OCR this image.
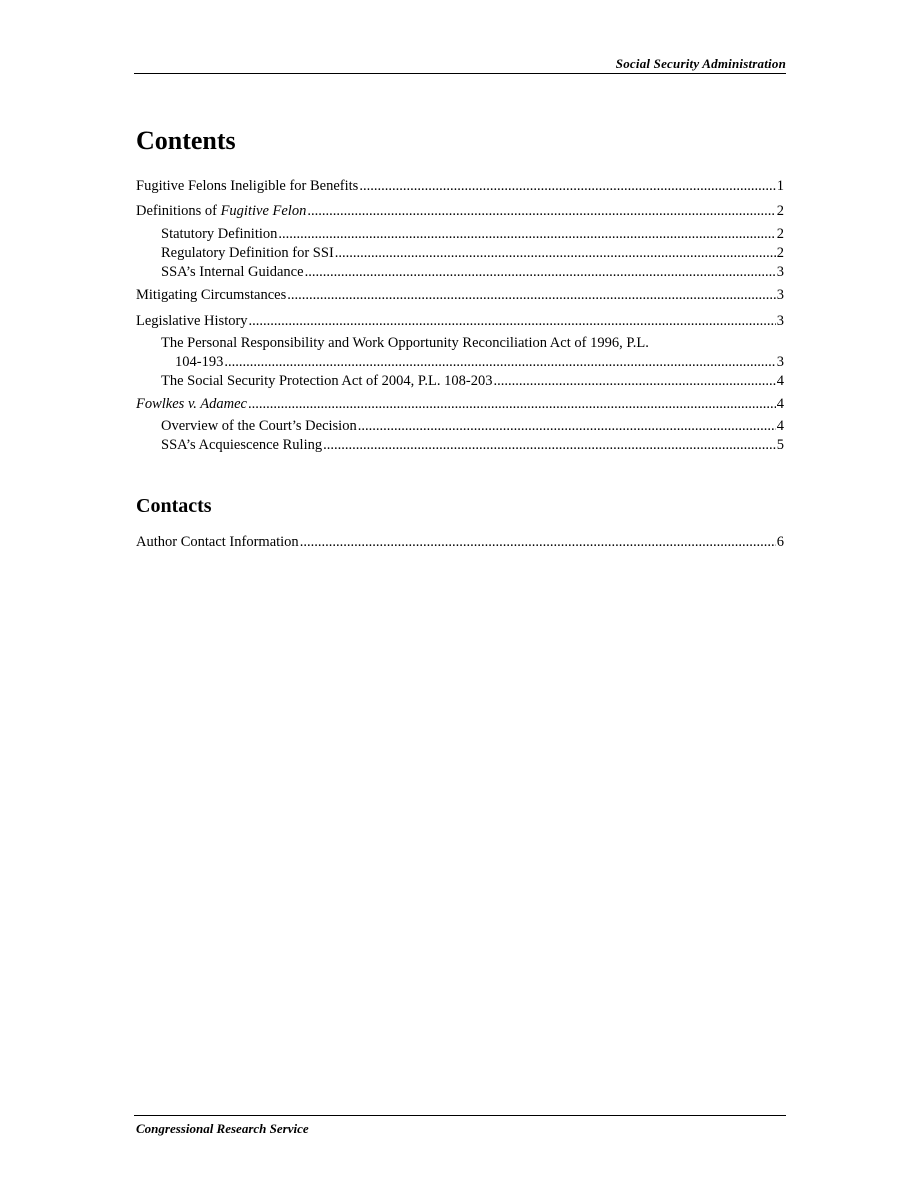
Social Security Administration
Contents
Fugitive Felons Ineligible for Benefits .....	1
Definitions of Fugitive Felon .....	2
Statutory Definition .....	2
Regulatory Definition for SSI .....	2
SSA’s Internal Guidance .....	3
Mitigating Circumstances .....	3
Legislative History .....	3
The Personal Responsibility and Work Opportunity Reconciliation Act of 1996, P.L.
104-193 .....	3
The Social Security Protection Act of 2004, P.L. 108-203 .....	4
Fowlkes v. Adamec .....	4
Overview of the Court’s Decision .....	4
SSA’s Acquiescence Ruling .....	5
Contacts
Author Contact Information .....	6
Congressional Research Service
